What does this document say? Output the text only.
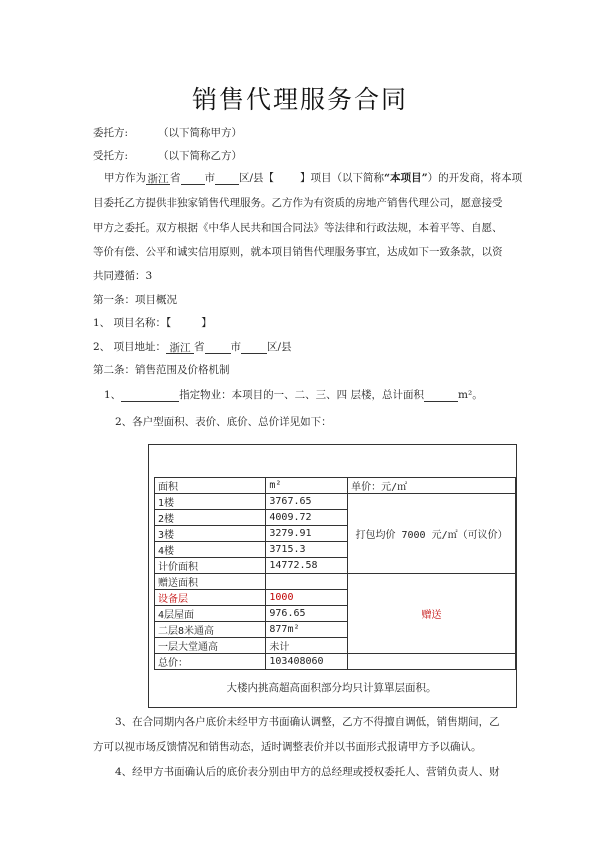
销售代理服务合同
委托方:	（以下简称甲方）
受托方:	（以下简称乙方）
甲方作为 浙江 省 市 区/县【 】项目（以下简称“本项目”）的开发商，将本项
目委托乙方提供非独家销售代理服务。乙方作为有资质的房地产销售代理公司，愿意接受
甲方之委托。双方根据《中华人民共和国合同法》等法律和行政法规，本着平等、自愿、
等价有偿、公平和诚实信用原则，就本项目销售代理服务事宜，达成如下一致条款，以资
共同遵循：3
第一条：项目概况
1、 项目名称：【	】
2、 项目地址： 浙江 省 市 区/县
第二条：销售范围及价格机制
1、	指定物业：本项目的一、二、三、四 层楼，总计面积	m²。
2、各户型面积、表价、底价、总价详见如下：
面积	m²	单价：元/㎡
1楼	3767.65	打包均价 7000 元/㎡（可议价）
2楼	4009.72	
3楼	3279.91	
4楼	3715.3	
计价面积	14772.58	
赠送面积		赠送
设备层	1000	
4层屋面	976.65	
二层8米通高	877m²	
一层大堂通高	未计	
总价：	103408060	
大楼内挑高超高面积部分均只计算單层面积。
3、在合同期内各户底价未经甲方书面确认调整，乙方不得擅自调低，销售期间，乙
方可以视市场反馈情况和销售动态，适时调整表价并以书面形式报请甲方予以确认。
4、经甲方书面确认后的底价表分别由甲方的总经理或授权委托人、营销负责人、财
